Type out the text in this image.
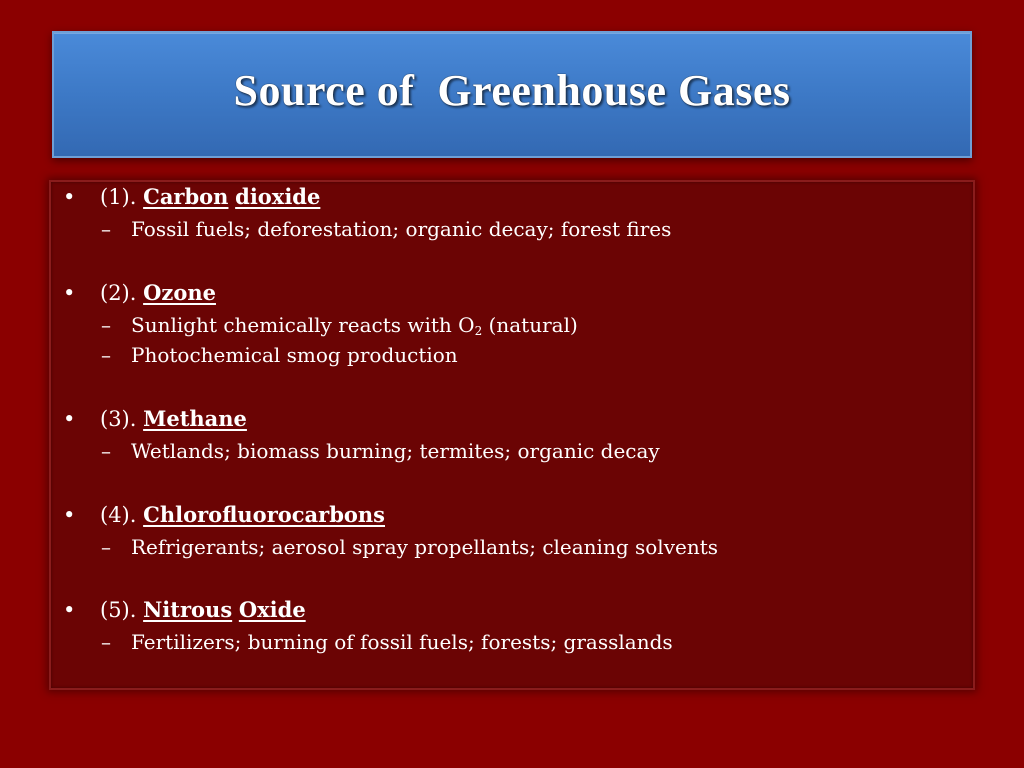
Source of  Greenhouse Gases
• (1). Carbon dioxide
– Fossil fuels; deforestation; organic decay; forest fires
• (2). Ozone
– Sunlight chemically reacts with $O_2$ (natural)
– Photochemical smog production
• (3). Methane
– Wetlands; biomass burning; termites; organic decay
• (4). Chlorofluorocarbons
– Refrigerants; aerosol spray propellants; cleaning solvents
• (5). Nitrous Oxide
– Fertilizers; burning of fossil fuels; forests; grasslands
